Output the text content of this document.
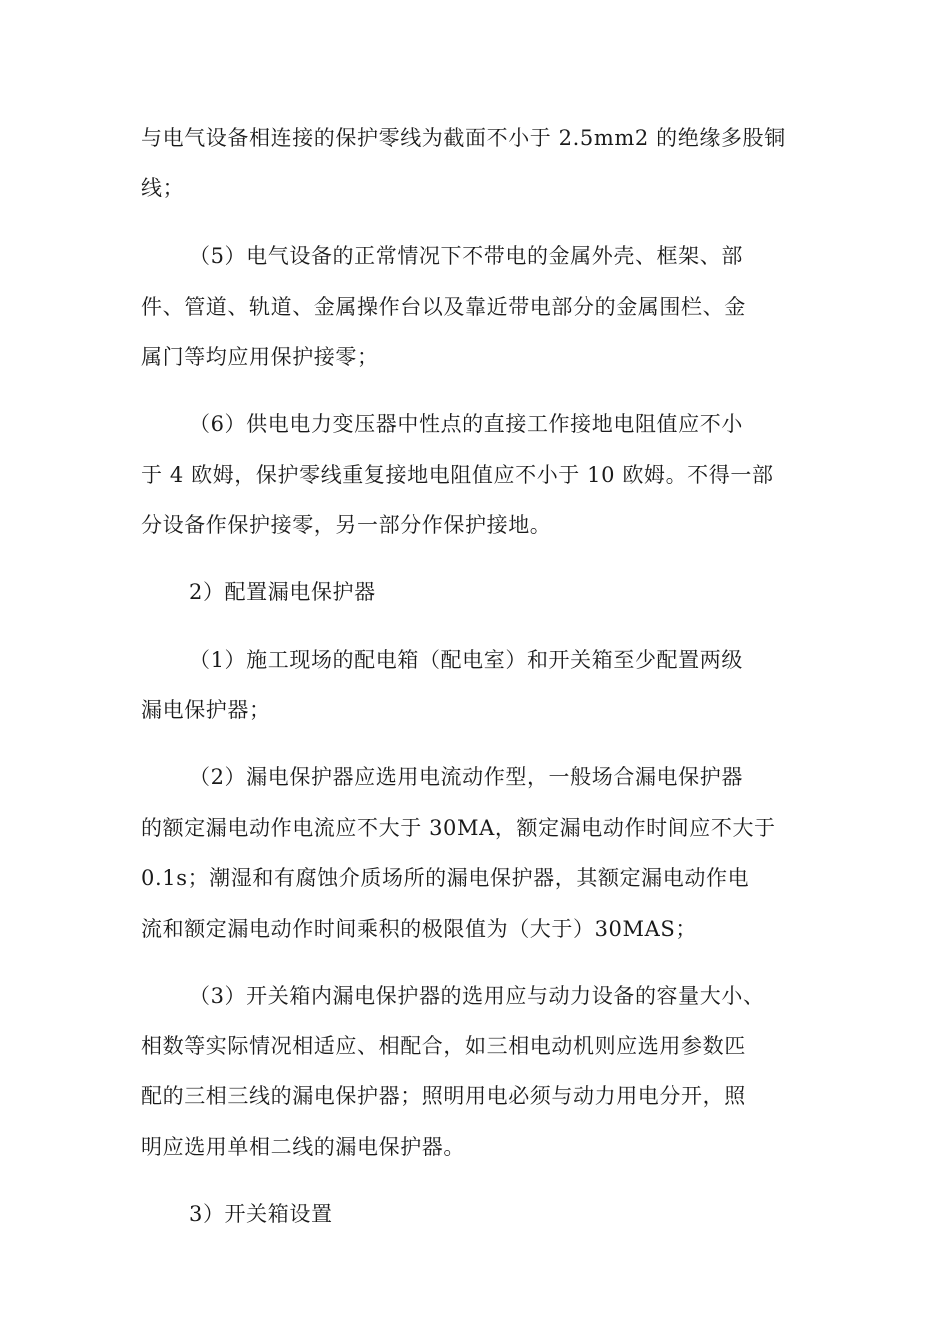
与电气设备相连接的保护零线为截面不小于 2.5mm2 的绝缘多股铜
线；
（5）电气设备的正常情况下不带电的金属外壳、框架、部
件、管道、轨道、金属操作台以及靠近带电部分的金属围栏、金
属门等均应用保护接零；
（6）供电电力变压器中性点的直接工作接地电阻值应不小
于 4 欧姆，保护零线重复接地电阻值应不小于 10 欧姆。不得一部
分设备作保护接零，另一部分作保护接地。
2）配置漏电保护器
（1）施工现场的配电箱（配电室）和开关箱至少配置两级
漏电保护器；
（2）漏电保护器应选用电流动作型，一般场合漏电保护器
的额定漏电动作电流应不大于 30MA，额定漏电动作时间应不大于
0.1s；潮湿和有腐蚀介质场所的漏电保护器，其额定漏电动作电
流和额定漏电动作时间乘积的极限值为（大于）30MAS；
（3）开关箱内漏电保护器的选用应与动力设备的容量大小、
相数等实际情况相适应、相配合，如三相电动机则应选用参数匹
配的三相三线的漏电保护器；照明用电必须与动力用电分开，照
明应选用单相二线的漏电保护器。
3）开关箱设置
